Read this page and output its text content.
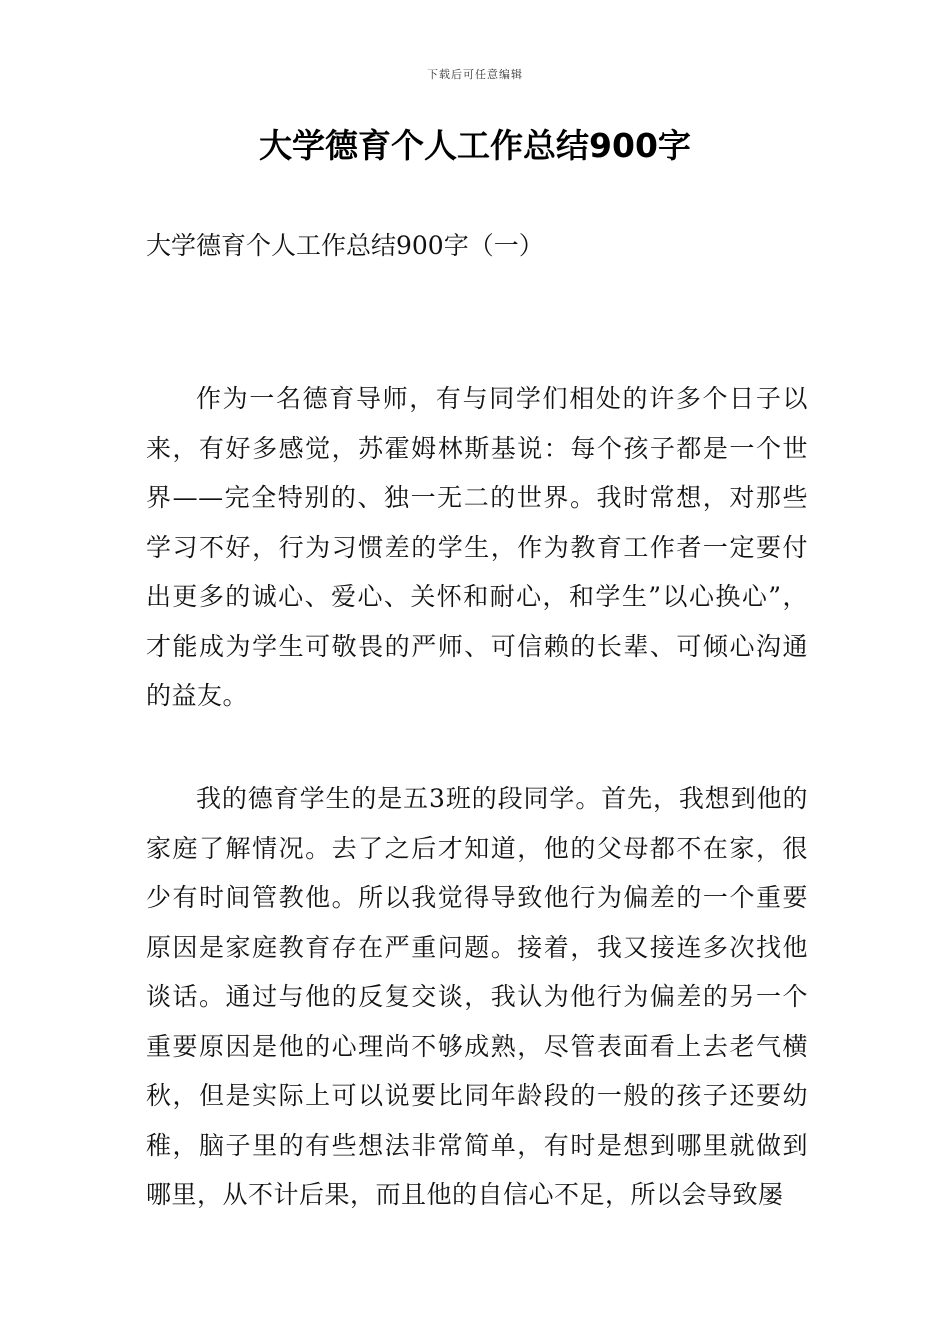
下载后可任意编辑
大学德育个人工作总结900字

大学德育个人工作总结900字（一）

作为一名德育导师，有与同学们相处的许多个日子以来，有好多感觉，苏霍姆林斯基说：每个孩子都是一个世界——完全特别的、独一无二的世界。我时常想，对那些学习不好，行为习惯差的学生，作为教育工作者一定要付出更多的诚心、爱心、关怀和耐心，和学生”以心换心”，才能成为学生可敬畏的严师、可信赖的长辈、可倾心沟通的益友。

我的德育学生的是五3班的段同学。首先，我想到他的家庭了解情况。去了之后才知道，他的父母都不在家，很少有时间管教他。所以我觉得导致他行为偏差的一个重要原因是家庭教育存在严重问题。接着，我又接连多次找他谈话。通过与他的反复交谈，我认为他行为偏差的另一个重要原因是他的心理尚不够成熟，尽管表面看上去老气横秋，但是实际上可以说要比同年龄段的一般的孩子还要幼稚，脑子里的有些想法非常简单，有时是想到哪里就做到哪里，从不计后果，而且他的自信心不足，所以会导致屡
